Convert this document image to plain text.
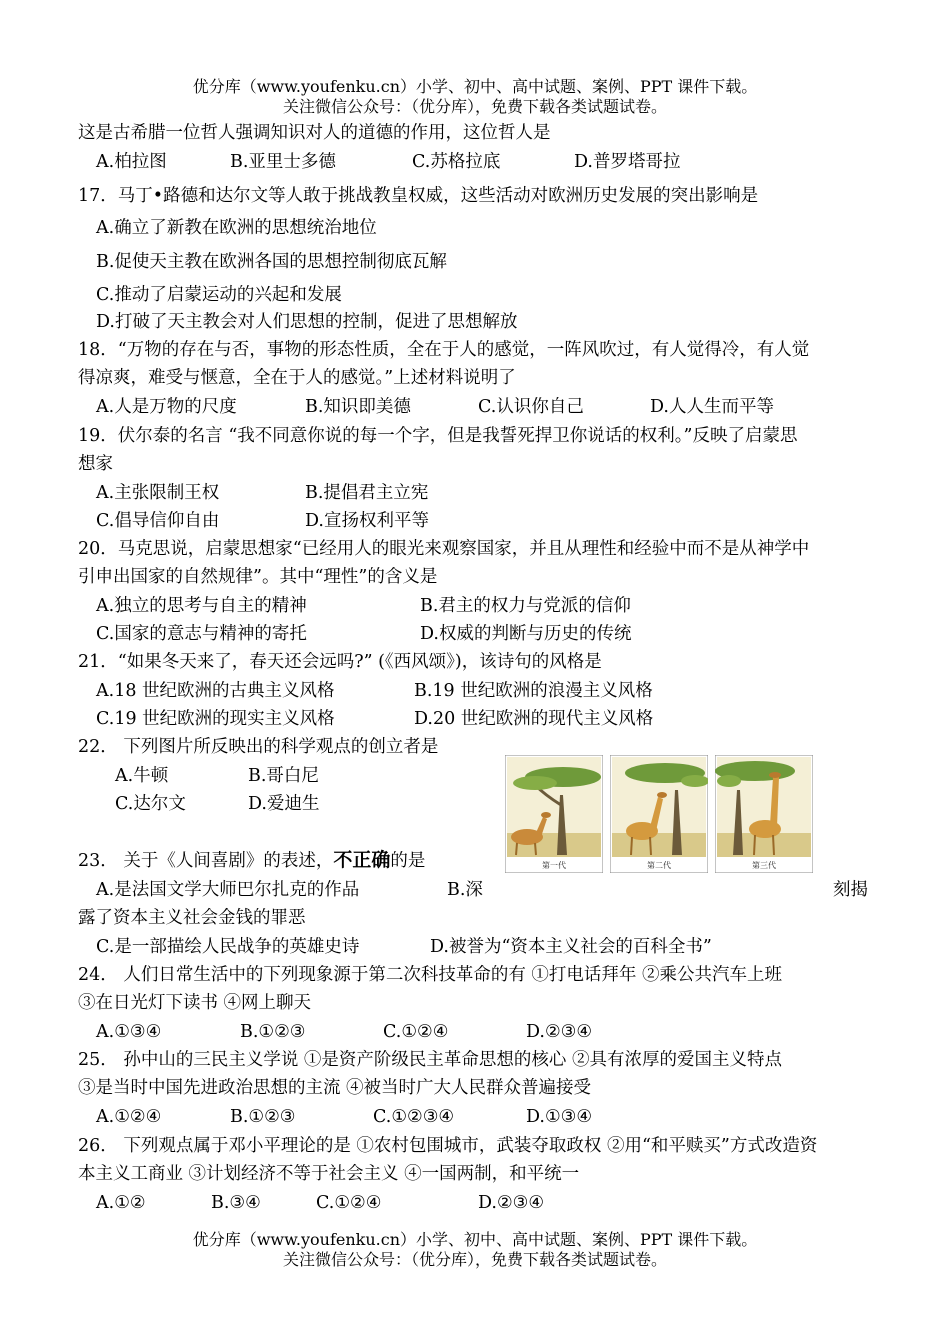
优分库（www.youfenku.cn）小学、初中、高中试题、案例、PPT 课件下载。
关注微信公众号：（优分库），免费下载各类试题试卷。
这是古希腊一位哲人强调知识对人的道德的作用，这位哲人是
A.柏拉图	B.亚里士多德	C.苏格拉底	D.普罗塔哥拉
17．马丁•路德和达尔文等人敢于挑战教皇权威，这些活动对欧洲历史发展的突出影响是
A.确立了新教在欧洲的思想统治地位
B.促使天主教在欧洲各国的思想控制彻底瓦解
C.推动了启蒙运动的兴起和发展
D.打破了天主教会对人们思想的控制，促进了思想解放
18．“万物的存在与否，事物的形态性质，全在于人的感觉，一阵风吹过，有人觉得冷，有人觉
得凉爽，难受与惬意，全在于人的感觉。”上述材料说明了
A.人是万物的尺度	B.知识即美德	C.认识你自己	D.人人生而平等
19．伏尔泰的名言 “我不同意你说的每一个字，但是我誓死捍卫你说话的权利。”反映了启蒙思
想家
A.主张限制王权	B.提倡君主立宪
C.倡导信仰自由	D.宣扬权利平等
20．马克思说，启蒙思想家“已经用人的眼光来观察国家，并且从理性和经验中而不是从神学中
引申出国家的自然规律”。其中“理性”的含义是
A.独立的思考与自主的精神	B.君主的权力与党派的信仰
C.国家的意志与精神的寄托	D.权威的判断与历史的传统
21．“如果冬天来了，春天还会远吗?” (《西风颂》)，该诗句的风格是
A.18 世纪欧洲的古典主义风格	B.19 世纪欧洲的浪漫主义风格
C.19 世纪欧洲的现实主义风格	D.20 世纪欧洲的现代主义风格
22． 下列图片所反映出的科学观点的创立者是
A.牛顿	B.哥白尼
C.达尔文	D.爱迪生
第一代	第二代	第三代
23． 关于《人间喜剧》的表述，不正确的是
A.是法国文学大师巴尔扎克的作品	B.深	刻揭
露了资本主义社会金钱的罪恶
C.是一部描绘人民战争的英雄史诗	D.被誉为“资本主义社会的百科全书”
24． 人们日常生活中的下列现象源于第二次科技革命的有 ①打电话拜年 ②乘公共汽车上班
③在日光灯下读书 ④网上聊天
A.①③④	B.①②③	C.①②④	D.②③④
25． 孙中山的三民主义学说 ①是资产阶级民主革命思想的核心 ②具有浓厚的爱国主义特点
③是当时中国先进政治思想的主流 ④被当时广大人民群众普遍接受
A.①②④	B.①②③	C.①②③④	D.①③④
26． 下列观点属于邓小平理论的是 ①农村包围城市，武装夺取政权 ②用“和平赎买”方式改造资
本主义工商业 ③计划经济不等于社会主义 ④一国两制，和平统一
A.①②	B.③④	C.①②④	D.②③④
优分库（www.youfenku.cn）小学、初中、高中试题、案例、PPT 课件下载。
关注微信公众号：（优分库），免费下载各类试题试卷。
